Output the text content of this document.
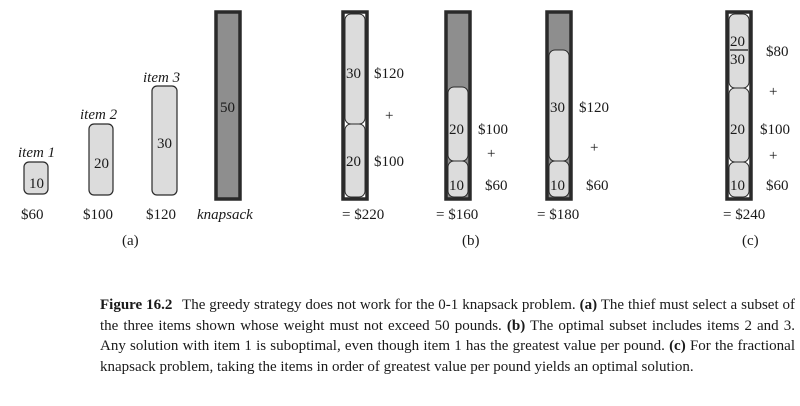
item 1
10
$60
item 2
20
$100
item 3
30
$120
50
knapsack
(a)
30 $120
+
20 $100
= $220
20 $100
+
10 $60
= $160
30 $120
+
10 $60
= $180
(b)
20
30 $80
+
20 $100
+
10 $60
= $240
(c)
Figure 16.2 The greedy strategy does not work for the 0-1 knapsack problem. (a) The thief must select a subset of the three items shown whose weight must not exceed 50 pounds. (b) The optimal subset includes items 2 and 3. Any solution with item 1 is suboptimal, even though item 1 has the greatest value per pound. (c) For the fractional knapsack problem, taking the items in order of greatest value per pound yields an optimal solution.
